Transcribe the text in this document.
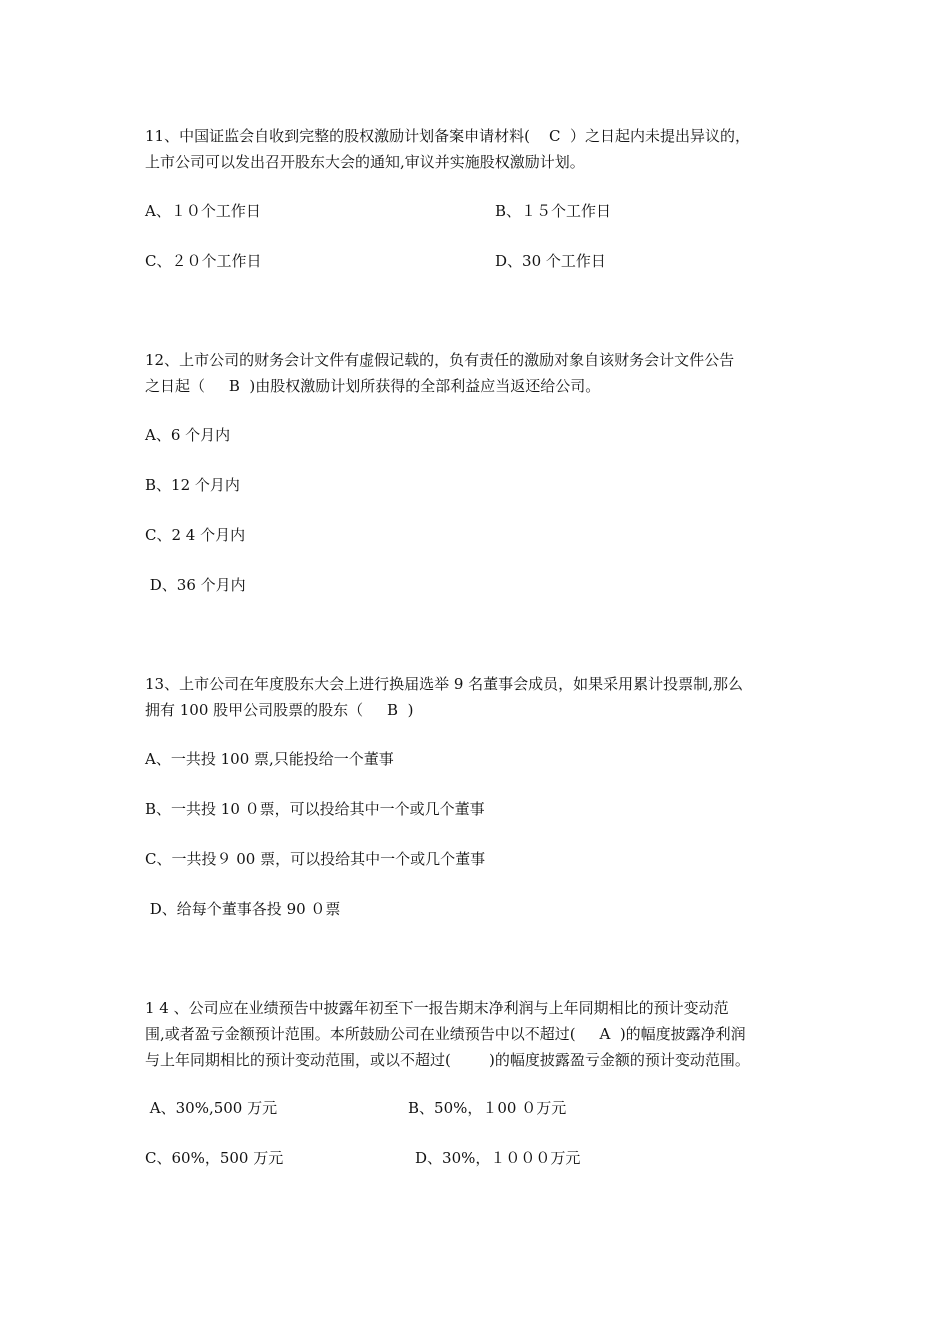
11、中国证监会自收到完整的股权激励计划备案申请材料(    C  ）之日起内未提出异议的，
上市公司可以发出召开股东大会的通知,审议并实施股权激励计划。
A、１０个工作日	B、１５个工作日
C、２０个工作日	D、30 个工作日
12、上市公司的财务会计文件有虚假记载的，负有责任的激励对象自该财务会计文件公告
之日起（     B  )由股权激励计划所获得的全部利益应当返还给公司。
A、6 个月内
B、12 个月内
C、2 4 个月内
D、36 个月内
13、上市公司在年度股东大会上进行换届选举 9 名董事会成员，如果采用累计投票制,那么
拥有 100 股甲公司股票的股东（     B  )
A、一共投 100 票,只能投给一个董事
B、一共投 10 ０票，可以投给其中一个或几个董事
C、一共投９ 00 票，可以投给其中一个或几个董事
D、给每个董事各投 90 ０票
1 4 、公司应在业绩预告中披露年初至下一报告期末净利润与上年同期相比的预计变动范
围,或者盈亏金额预计范围。本所鼓励公司在业绩预告中以不超过(     A  )的幅度披露净利润
与上年同期相比的预计变动范围，或以不超过(        )的幅度披露盈亏金额的预计变动范围。
A、30%,500 万元	B、50%，１00 ０万元
C、60%，500 万元	D、30%，１０００万元
